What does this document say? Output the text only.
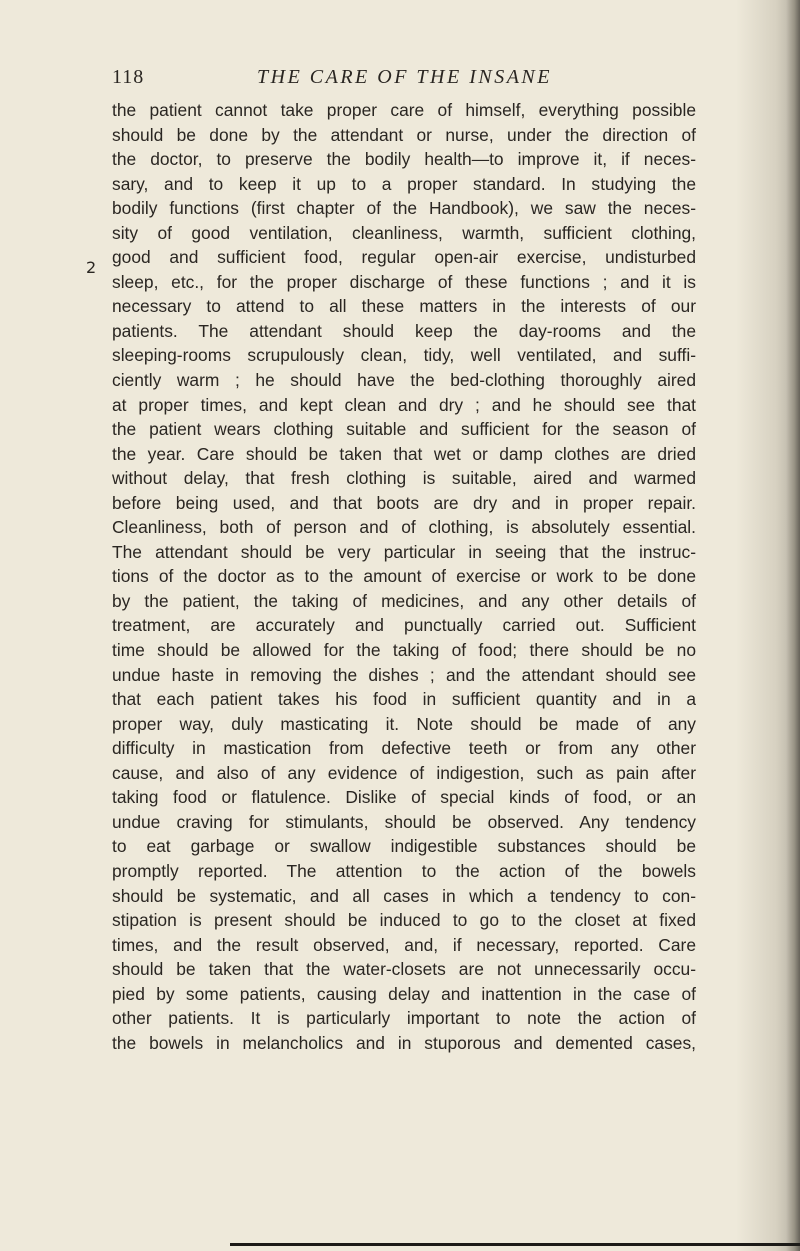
118	THE CARE OF THE INSANE
2
the patient cannot take proper care of himself, everything possible
should be done by the attendant or nurse, under the direction of
the doctor, to preserve the bodily health—to improve it, if neces-
sary, and to keep it up to a proper standard. In studying the
bodily functions (first chapter of the Handbook), we saw the neces-
sity of good ventilation, cleanliness, warmth, sufficient clothing,
good and sufficient food, regular open-air exercise, undisturbed
sleep, etc., for the proper discharge of these functions ; and it is
necessary to attend to all these matters in the interests of our
patients. The attendant should keep the day-rooms and the
sleeping-rooms scrupulously clean, tidy, well ventilated, and suffi-
ciently warm ; he should have the bed-clothing thoroughly aired
at proper times, and kept clean and dry ; and he should see that
the patient wears clothing suitable and sufficient for the season of
the year. Care should be taken that wet or damp clothes are dried
without delay, that fresh clothing is suitable, aired and warmed
before being used, and that boots are dry and in proper repair.
Cleanliness, both of person and of clothing, is absolutely essential.
The attendant should be very particular in seeing that the instruc-
tions of the doctor as to the amount of exercise or work to be done
by the patient, the taking of medicines, and any other details of
treatment, are accurately and punctually carried out. Sufficient
time should be allowed for the taking of food; there should be no
undue haste in removing the dishes ; and the attendant should see
that each patient takes his food in sufficient quantity and in a
proper way, duly masticating it. Note should be made of any
difficulty in mastication from defective teeth or from any other
cause, and also of any evidence of indigestion, such as pain after
taking food or flatulence. Dislike of special kinds of food, or an
undue craving for stimulants, should be observed. Any tendency
to eat garbage or swallow indigestible substances should be
promptly reported. The attention to the action of the bowels
should be systematic, and all cases in which a tendency to con-
stipation is present should be induced to go to the closet at fixed
times, and the result observed, and, if necessary, reported. Care
should be taken that the water-closets are not unnecessarily occu-
pied by some patients, causing delay and inattention in the case of
other patients. It is particularly important to note the action of
the bowels in melancholics and in stuporous and demented cases,
